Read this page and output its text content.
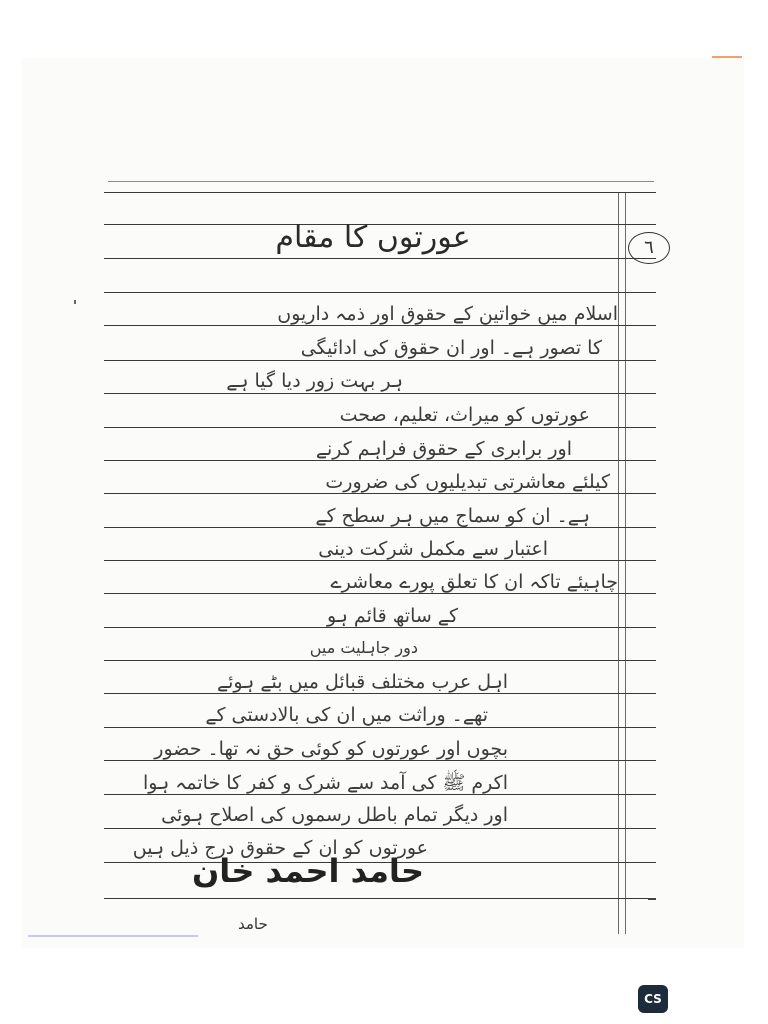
٦
عورتوں کا مقام
اسلام میں خواتین کے حقوق اور ذمہ داریوں
کا تصور ہے۔ اور ان حقوق کی ادائیگی
ہر بہت زور دیا گیا ہے
عورتوں کو میراث، تعلیم، صحت
اور برابری کے حقوق فراہم کرنے
کیلئے معاشرتی تبدیلیوں کی ضرورت
ہے۔ ان کو سماج میں ہر سطح کے
اعتبار سے مکمل شرکت دینی
چاہیئے تاکہ ان کا تعلق پورے معاشرے
کے ساتھ قائم ہو
دور جاہلیت میں
اہل عرب مختلف قبائل میں بٹے ہوئے
تھے۔ وراثت میں ان کی بالادستی کے
بچوں اور عورتوں کو کوئی حق نہ تھا۔ حضور
اکرم ﷺ کی آمد سے شرک و کفر کا خاتمہ ہوا
اور دیگر تمام باطل رسموں کی اصلاح ہوئی
عورتوں کو ان کے حقوق درج ذیل ہیں
حامد احمد خان
حامد
CS
